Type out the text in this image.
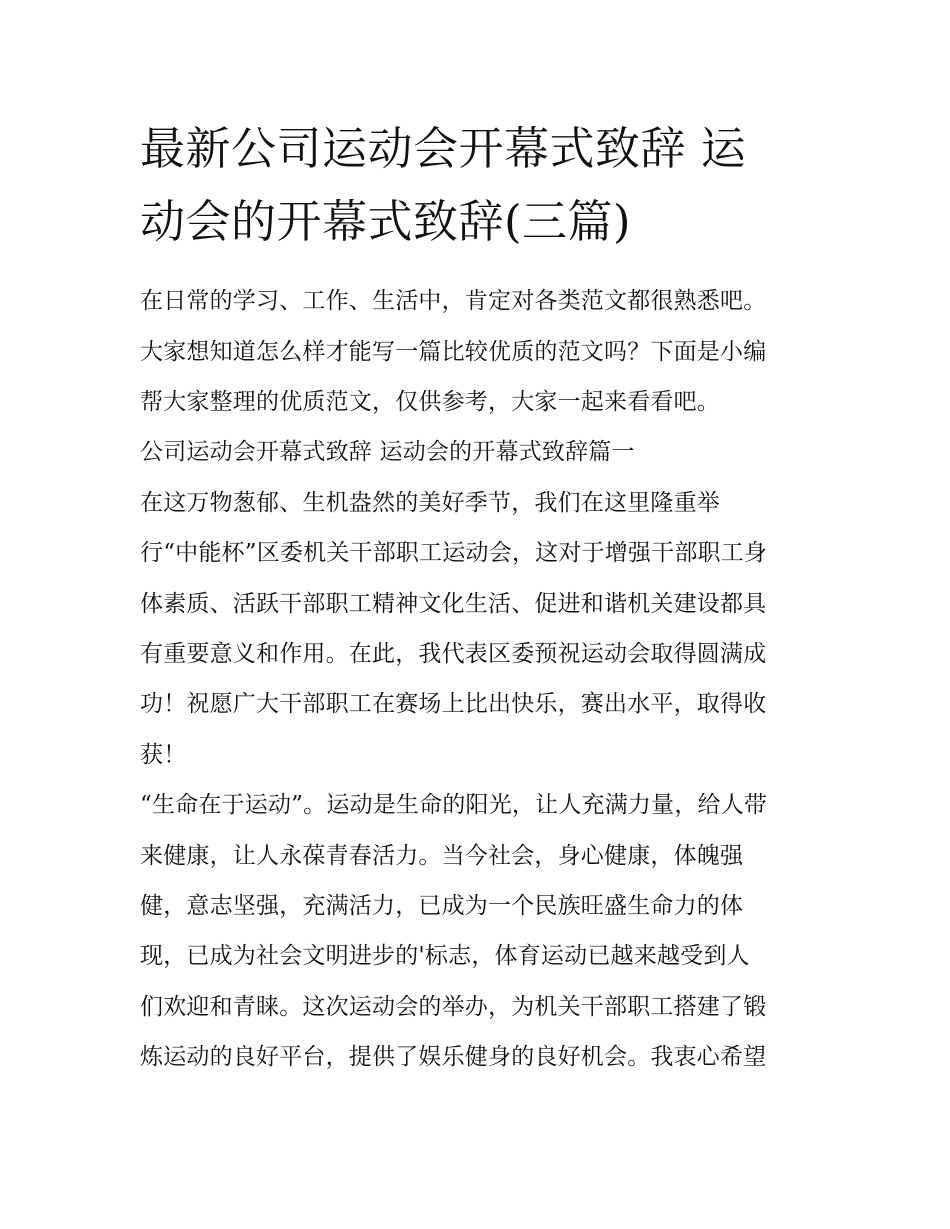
最新公司运动会开幕式致辞 运
动会的开幕式致辞(三篇)

在日常的学习、工作、生活中，肯定对各类范文都很熟悉吧。

大家想知道怎么样才能写一篇比较优质的范文吗？下面是小编

帮大家整理的优质范文，仅供参考，大家一起来看看吧。

公司运动会开幕式致辞 运动会的开幕式致辞篇一

在这万物葱郁、生机盎然的美好季节，我们在这里隆重举

行“中能杯”区委机关干部职工运动会，这对于增强干部职工身

体素质、活跃干部职工精神文化生活、促进和谐机关建设都具

有重要意义和作用。在此，我代表区委预祝运动会取得圆满成

功！祝愿广大干部职工在赛场上比出快乐，赛出水平，取得收

获！

“生命在于运动”。运动是生命的阳光，让人充满力量，给人带

来健康，让人永葆青春活力。当今社会，身心健康，体魄强

健，意志坚强，充满活力，已成为一个民族旺盛生命力的体

现，已成为社会文明进步的'标志，体育运动已越来越受到人

们欢迎和青睐。这次运动会的举办，为机关干部职工搭建了锻

炼运动的良好平台，提供了娱乐健身的良好机会。我衷心希望
